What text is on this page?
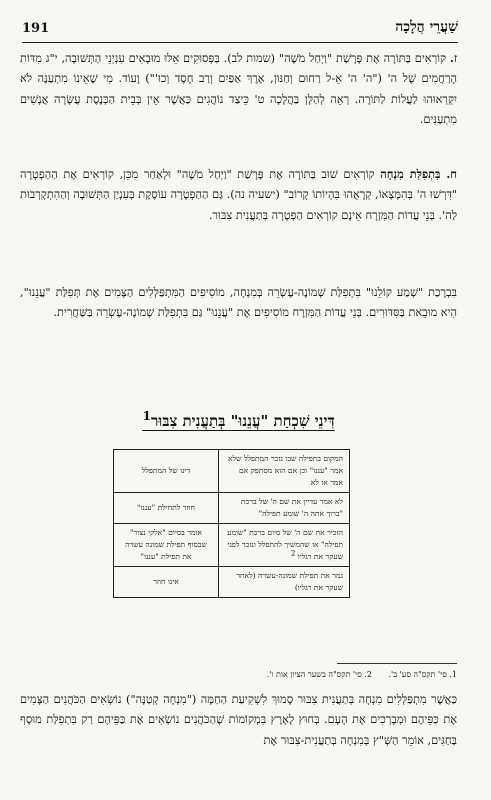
191	שַׁעֲרֵי הֲלָכָה
ז. קוֹרְאִים בַּתּוֹרָה אֶת פָּרָשַׁת "וַיְחַל מֹשֶׁה" (שמות לב). בַּפְּסוּקִים אֵלּוּ מוּבָאִים עִנְיְנֵי הַתְּשׁוּבָה, י"ג מִדּוֹת הָרַחֲמִים שֶׁל ה' ("ה' ה' אֵ-ל רַחוּם וְחַנּוּן, אֶרֶךְ אַפַּיִם וְרַב חֶסֶד וְכוּ'") וָעוֹד. מִי שֶׁאֵינוֹ מִתְעַנֶּה לֹא יִקְרְאוּהוּ לַעֲלוֹת לַתּוֹרָה. רְאֵה לְהַלָּן בַּהֲלָכָה ט' כֵּיצַד נוֹהֲגִים כַּאֲשֶׁר אֵין בְּבֵית הַכְּנֶסֶת עֲשָׂרָה אֲנָשִׁים מִתְעַנִּים.
ח. בִּתְפִלַּת מִנְחָה קוֹרְאִים שׁוּב בַּתּוֹרָה אֶת פָּרָשַׁת "וַיְחַל מֹשֶׁה" וּלְאַחַר מִכֵּן, קוֹרְאִים אֶת הַהַפְטָרָה "דִּרְשׁוּ ה' בְּהִמָּצְאוֹ, קְרָאֻהוּ בִּהְיוֹתוֹ קָרוֹב" (ישעיה נה). גַּם הַהַפְטָרָה עוֹסֶקֶת בְּעִנְיַן הַתְּשׁוּבָה וְהַהִתְקָרְבוּת לַה'. בְּנֵי עֲדוֹת הַמִּזְרָח אֵינָם קוֹרְאִים הַפְטָרָה בְּתַעֲנִית צִבּוּר.
בִּבְרָכַת "שְׁמַע קוֹלֵנוּ" בִּתְפִלַּת שְׁמוֹנֶה-עֶשְׂרֵה בְּמִנְחָה, מוֹסִיפִים הַמִּתְפַּלְּלִים הַצָּמִים אֶת תְּפִלַּת "עֲנֵנוּ", הִיא מוּבֵאת בַּסִּדּוּרִים. בְּנֵי עֲדוֹת הַמִּזְרָח מוֹסִיפִים אֶת "עֲנֵנוּ" גַּם בִּתְפִלַּת שְׁמוֹנֶה-עֶשְׂרֵה בַּשַּׁחֲרִית.
דִּינֵי שִׁכְחַת "עֲנֵנוּ" בְּתַעֲנִית צִבּוּר$^1$
המקום בתפילה שבו נזכר המתפלל שלא אמר "עננו" וכן אם הוא מסתפק אם אמר או לא	דינו של המתפלל
לא אמר עדיין את שם ה' של ברכת "ברוך אתה ה' שומע תפילה"	חוזר לתחילת "עננו"
הזכיר את שם ה' של סיום ברכת "שומע תפילה" או שהמשיך להתפלל ונזכר לפני שעקר את רגליו $^2$	אומר בסיום "אלקי נצור" שבסוף תפילת שמונה עשרה את תפילת "עננו"
גמר את תפילת שמונה-עשרה (לאחר שעקר את רגליו)	אינו חוזר
1. סי' תקס"ה סע' ב'. 2. סי' תקס"ה בשער הציון אות ו'.
כַּאֲשֶׁר מִתְפַּלְּלִים מִנְחָה בְּתַעֲנִית צִבּוּר סָמוּךְ לִשְׁקִיעַת הַחַמָּה ("מִנְחָה קְטַנָּה") נוֹשְׂאִים הַכֹּהֲנִים הַצָּמִים אֶת כַּפֵּיהֶם וּמְבָרְכִים אֶת הָעָם. בְּחוּץ לָאָרֶץ בִּמְקוֹמוֹת שֶׁהַכֹּהֲנִים נוֹשְׂאִים אֶת כַּפֵּיהֶם רַק בִּתְפִלַּת מוּסָף בַּחַגִּים, אוֹמֵר הַשְּׁ"ץ בְּמִנְחָה בְּתַעֲנִית-צִבּוּר אֶת
